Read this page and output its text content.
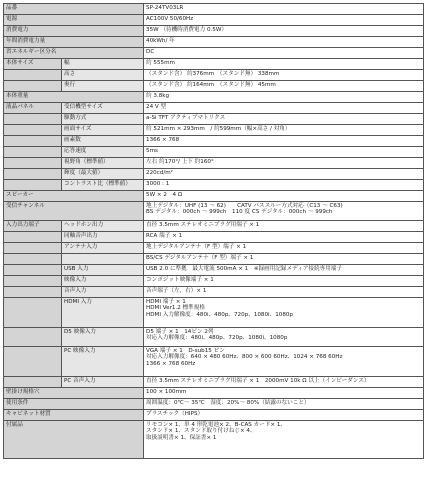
品番		SP-24TV03LR
電源		AC100V 50/60Hz
消費電力		35W （待機時消費電力 0.5W）
年間消費電力量		40kWh/ 年
省エネルギー区分名		DC
本体サイズ	幅	約 555mm
	高さ	（スタンド含） 約376mm　（スタンド無） 338mm
	奥行	（スタンド含） 約164mm　（スタンド無） 45mm
本体重量		約 3.8kg
液晶パネル	受信機型サイズ	24 V 型
	駆動方式	a-Si TFT アクティブマトリクス
	画面サイズ	約 521mm × 293mm　/ 約599mm（幅×高さ / 対角）
	画素数	1366 × 768
	応答速度	5ms
	視野角（標準値）	左右 約170°/ 上下 約160°
	輝度（最大値）	220cd/m²
	コントラスト比（標準値）	3000 : 1
スピーカー		5W × 2　4 Ω
受信チャンネル		地上デジタル：UHF (13 〜 62)　　CATV パススルー方式対応（C13 〜 C63)
BS デジタル：000ch 〜 999ch　110 度 CS デジタル：000ch 〜 999ch
入力出力端子	ヘッドホン出力	直径 3.5mm ステレオミニプラグ用端子 × 1
	同軸音声出力	RCA 端子 × 1
	アンテナ入力	地上デジタルアンテナ（F 型）端子 × 1
		BS/CS デジタルアンテナ（F 型）端子 × 1
	USB 入力	USB 2.0 に準拠　最大電流 500mA × 1　※録画用記録メディア接続専用端子
	映像入力	コンポジット映像端子 × 1
	音声入力	音声端子（左，右）× 1
	HDMI 入力	HDMI 端子 × 1
HDMI Ver1.2 標準規格
HDMI 入力解像度：480i、480p、720p、1080i、1080p
	D5 映像入力	D5 端子 × 1　14ピン 2列
対応入力解像度：480i、480p、720p、1080i、1080p
	PC 映像入力	VGA 端子 × 1　D-sub15 ピン
対応入力解像度：640 × 480 60Hz、800 × 600 60Hz、1024 × 768 60Hz
1366 × 768 60Hz
	PC 音声入力	直径 3.5mm ステレオミニプラグ用端子 × 1　2000mV 10k Ω 以上（インピーダンス）
壁掛け規格穴		100 × 100mm
使用条件		周囲温度：0℃〜 35℃　湿度：20%〜 80%（結露のないこと）
キャビネット材質		プラスチック（HIPS）
付属品		リモコン× 1、単 4 形乾電池× 2、B-CAS カード× 1、
スタンド× 1、スタンド取り付けねじ× 4、
取扱説明書× 1、保証書× 1
